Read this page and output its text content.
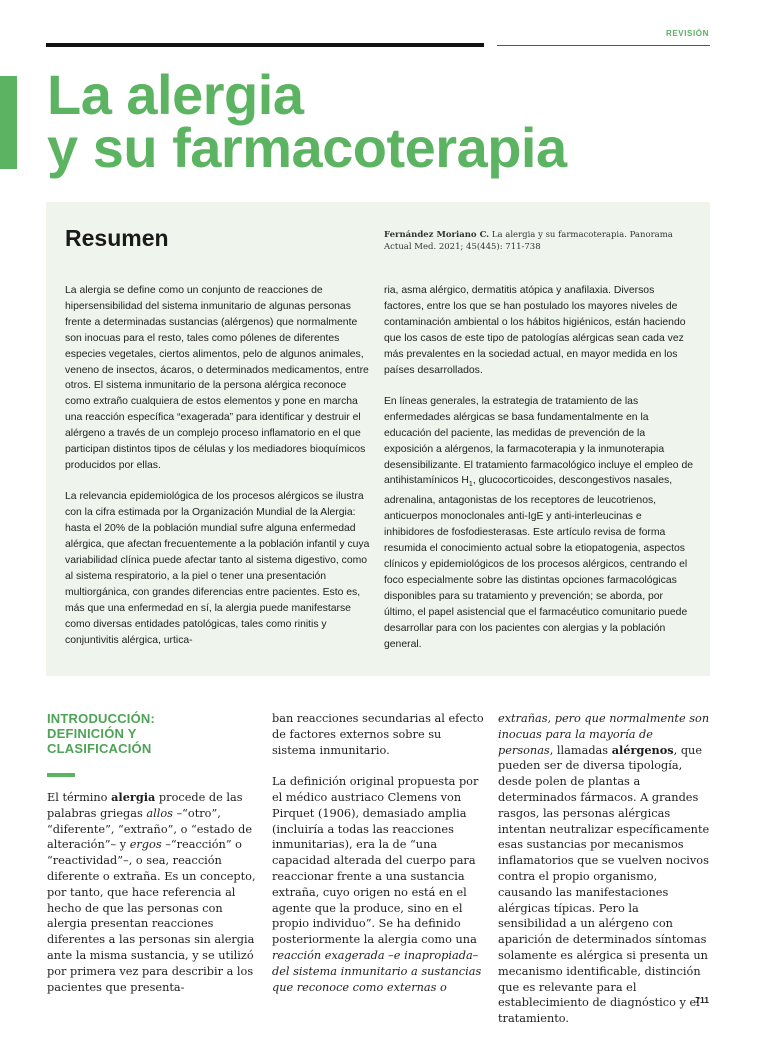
REVISIÓN
La alergia
y su farmacoterapia
Resumen	Fernández Moriano C. La alergia y su farmacoterapia. Panorama Actual Med. 2021; 45(445): 711-738

La alergia se define como un conjunto de reacciones de hipersensibilidad del sistema inmunitario de algunas personas frente a determinadas sustancias (alérgenos) que normalmente son inocuas para el resto, tales como pólenes de diferentes especies vegetales, ciertos alimentos, pelo de algunos animales, veneno de insectos, ácaros, o determinados medicamentos, entre otros. El sistema inmunitario de la persona alérgica reconoce como extraño cualquiera de estos elementos y pone en marcha una reacción específica “exagerada” para identificar y destruir el alérgeno a través de un complejo proceso inflamatorio en el que participan distintos tipos de células y los mediadores bioquímicos producidos por ellas.

La relevancia epidemiológica de los procesos alérgicos se ilustra con la cifra estimada por la Organización Mundial de la Alergia: hasta el 20% de la población mundial sufre alguna enfermedad alérgica, que afectan frecuentemente a la población infantil y cuya variabilidad clínica puede afectar tanto al sistema digestivo, como al sistema respiratorio, a la piel o tener una presentación multiorgánica, con grandes diferencias entre pacientes. Esto es, más que una enfermedad en sí, la alergia puede manifestarse como diversas entidades patológicas, tales como rinitis y conjuntivitis alérgica, urtica-

ria, asma alérgico, dermatitis atópica y anafilaxia. Diversos factores, entre los que se han postulado los mayores niveles de contaminación ambiental o los hábitos higiénicos, están haciendo que los casos de este tipo de patologías alérgicas sean cada vez más prevalentes en la sociedad actual, en mayor medida en los países desarrollados.

En líneas generales, la estrategia de tratamiento de las enfermedades alérgicas se basa fundamentalmente en la educación del paciente, las medidas de prevención de la exposición a alérgenos, la farmacoterapia y la inmunoterapia desensibilizante. El tratamiento farmacológico incluye el empleo de antihistamínicos $H_1$, glucocorticoides, descongestivos nasales, adrenalina, antagonistas de los receptores de leucotrienos, anticuerpos monoclonales anti-IgE y anti-interleucinas e inhibidores de fosfodiesterasas. Este artículo revisa de forma resumida el conocimiento actual sobre la etiopatogenia, aspectos clínicos y epidemiológicos de los procesos alérgicos, centrando el foco especialmente sobre las distintas opciones farmacológicas disponibles para su tratamiento y prevención; se aborda, por último, el papel asistencial que el farmacéutico comunitario puede desarrollar para con los pacientes con alergias y la población general.

INTRODUCCIÓN:
DEFINICIÓN Y
CLASIFICACIÓN

El término alergia procede de las palabras griegas allos –“otro”, “diferente”, “extraño”, o “estado de alteración”– y ergos –“reacción” o “reactividad”–, o sea, reacción diferente o extraña. Es un concepto, por tanto, que hace referencia al hecho de que las personas con alergia presentan reacciones diferentes a las personas sin alergia ante la misma sustancia, y se utilizó por primera vez para describir a los pacientes que presenta-

ban reacciones secundarias al efecto de factores externos sobre su sistema inmunitario.

La definición original propuesta por el médico austriaco Clemens von Pirquet (1906), demasiado amplia (incluiría a todas las reacciones inmunitarias), era la de “una capacidad alterada del cuerpo para reaccionar frente a una sustancia extraña, cuyo origen no está en el agente que la produce, sino en el propio individuo”. Se ha definido posteriormente la alergia como una reacción exagerada –e inapropiada– del sistema inmunitario a sustancias que reconoce como externas o

extrañas, pero que normalmente son inocuas para la mayoría de personas, llamadas alérgenos, que pueden ser de diversa tipología, desde polen de plantas a determinados fármacos. A grandes rasgos, las personas alérgicas intentan neutralizar específicamente esas sustancias por mecanismos inflamatorios que se vuelven nocivos contra el propio organismo, causando las manifestaciones alérgicas típicas. Pero la sensibilidad a un alérgeno con aparición de determinados síntomas solamente es alérgica si presenta un mecanismo identificable, distinción que es relevante para el establecimiento de diagnóstico y el tratamiento.

711
